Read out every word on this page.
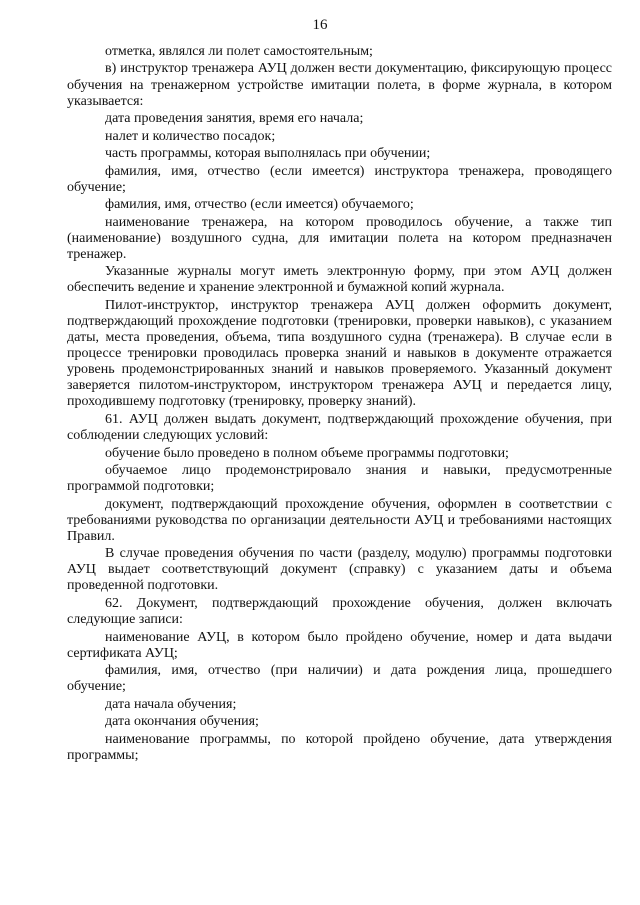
16

отметка, являлся ли полет самостоятельным;

в) инструктор тренажера АУЦ должен вести документацию, фиксирующую процесс обучения на тренажерном устройстве имитации полета, в форме журнала, в котором указывается:

дата проведения занятия, время его начала;

налет и количество посадок;

часть программы, которая выполнялась при обучении;

фамилия, имя, отчество (если имеется) инструктора тренажера, проводящего обучение;

фамилия, имя, отчество (если имеется) обучаемого;

наименование тренажера, на котором проводилось обучение, а также тип (наименование) воздушного судна, для имитации полета на котором предназначен тренажер.

Указанные журналы могут иметь электронную форму, при этом АУЦ должен обеспечить ведение и хранение электронной и бумажной копий журнала.

Пилот-инструктор, инструктор тренажера АУЦ должен оформить документ, подтверждающий прохождение подготовки (тренировки, проверки навыков), с указанием даты, места проведения, объема, типа воздушного судна (тренажера). В случае если в процессе тренировки проводилась проверка знаний и навыков в документе отражается уровень продемонстрированных знаний и навыков проверяемого. Указанный документ заверяется пилотом-инструктором, инструктором тренажера АУЦ и передается лицу, проходившему подготовку (тренировку, проверку знаний).

61. АУЦ должен выдать документ, подтверждающий прохождение обучения, при соблюдении следующих условий:

обучение было проведено в полном объеме программы подготовки;

обучаемое лицо продемонстрировало знания и навыки, предусмотренные программой подготовки;

документ, подтверждающий прохождение обучения, оформлен в соответствии с требованиями руководства по организации деятельности АУЦ и требованиями настоящих Правил.

В случае проведения обучения по части (разделу, модулю) программы подготовки АУЦ выдает соответствующий документ (справку) с указанием даты и объема проведенной подготовки.

62. Документ, подтверждающий прохождение обучения, должен включать следующие записи:

наименование АУЦ, в котором было пройдено обучение, номер и дата выдачи сертификата АУЦ;

фамилия, имя, отчество (при наличии) и дата рождения лица, прошедшего обучение;

дата начала обучения;

дата окончания обучения;

наименование программы, по которой пройдено обучение, дата утверждения программы;
